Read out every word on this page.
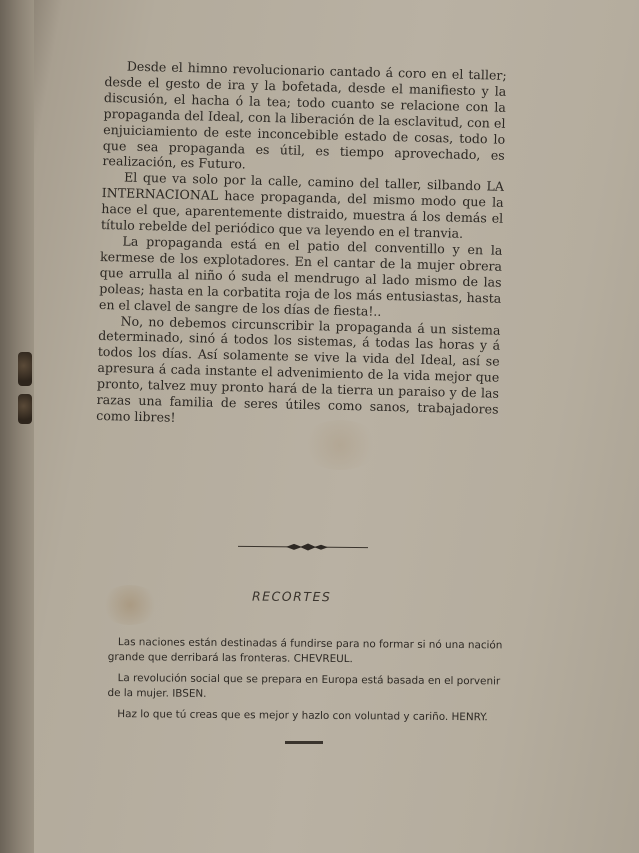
Desde el himno revolucionario cantado á coro en el taller; desde el gesto de ira y la bofetada, desde el manifiesto y la discusión, el hacha ó la tea; todo cuanto se relacione con la propaganda del Ideal, con la liberación de la esclavitud, con el enjuiciamiento de este inconcebible estado de cosas, todo lo que sea propaganda es útil, es tiempo aprovechado, es realización, es Futuro.

El que va solo por la calle, camino del taller, silbando LA INTERNACIONAL hace propaganda, del mismo modo que la hace el que, aparentemente distraido, muestra á los demás el título rebelde del periódico que va leyendo en el tranvia.

La propaganda está en el patio del conventillo y en la kermese de los explotadores. En el cantar de la mujer obrera que arrulla al niño ó suda el mendrugo al lado mismo de las poleas; hasta en la corbatita roja de los más entusiastas, hasta en el clavel de sangre de los días de fiesta!..

No, no debemos circunscribir la propaganda á un sistema determinado, sinó á todos los sistemas, á todas las horas y á todos los días. Así solamente se vive la vida del Ideal, así se apresura á cada instante el advenimiento de la vida mejor que pronto, talvez muy pronto hará de la tierra un paraiso y de las razas una familia de seres útiles como sanos, trabajadores como libres!

RECORTES

Las naciones están destinadas á fundirse para no formar si nó una nación grande que derribará las fronteras. CHEVREUL.

La revolución social que se prepara en Europa está basada en el porvenir de la mujer. IBSEN.

Haz lo que tú creas que es mejor y hazlo con voluntad y cariño. HENRY.
